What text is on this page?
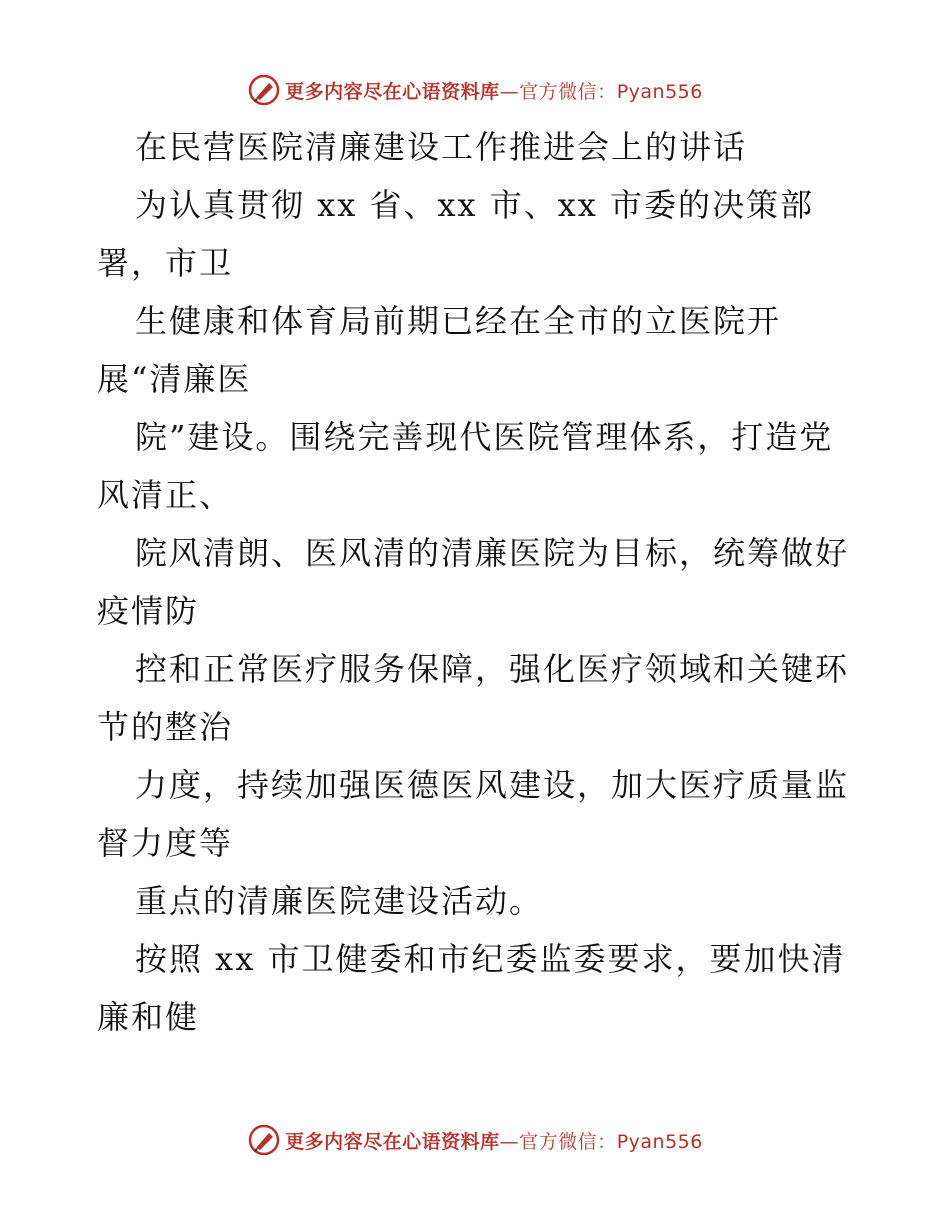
更多内容尽在心语资料库—官方微信：Pyan556
在民营医院清廉建设工作推进会上的讲话
为认真贯彻 xx 省、xx 市、xx 市委的决策部
署，市卫
生健康和体育局前期已经在全市的立医院开
展“清廉医
院”建设。围绕完善现代医院管理体系，打造党
风清正、
院风清朗、医风清的清廉医院为目标，统筹做好
疫情防
控和正常医疗服务保障，强化医疗领域和关键环
节的整治
力度，持续加强医德医风建设，加大医疗质量监
督力度等
重点的清廉医院建设活动。
按照 xx 市卫健委和市纪委监委要求，要加快清
廉和健
更多内容尽在心语资料库—官方微信：Pyan556
